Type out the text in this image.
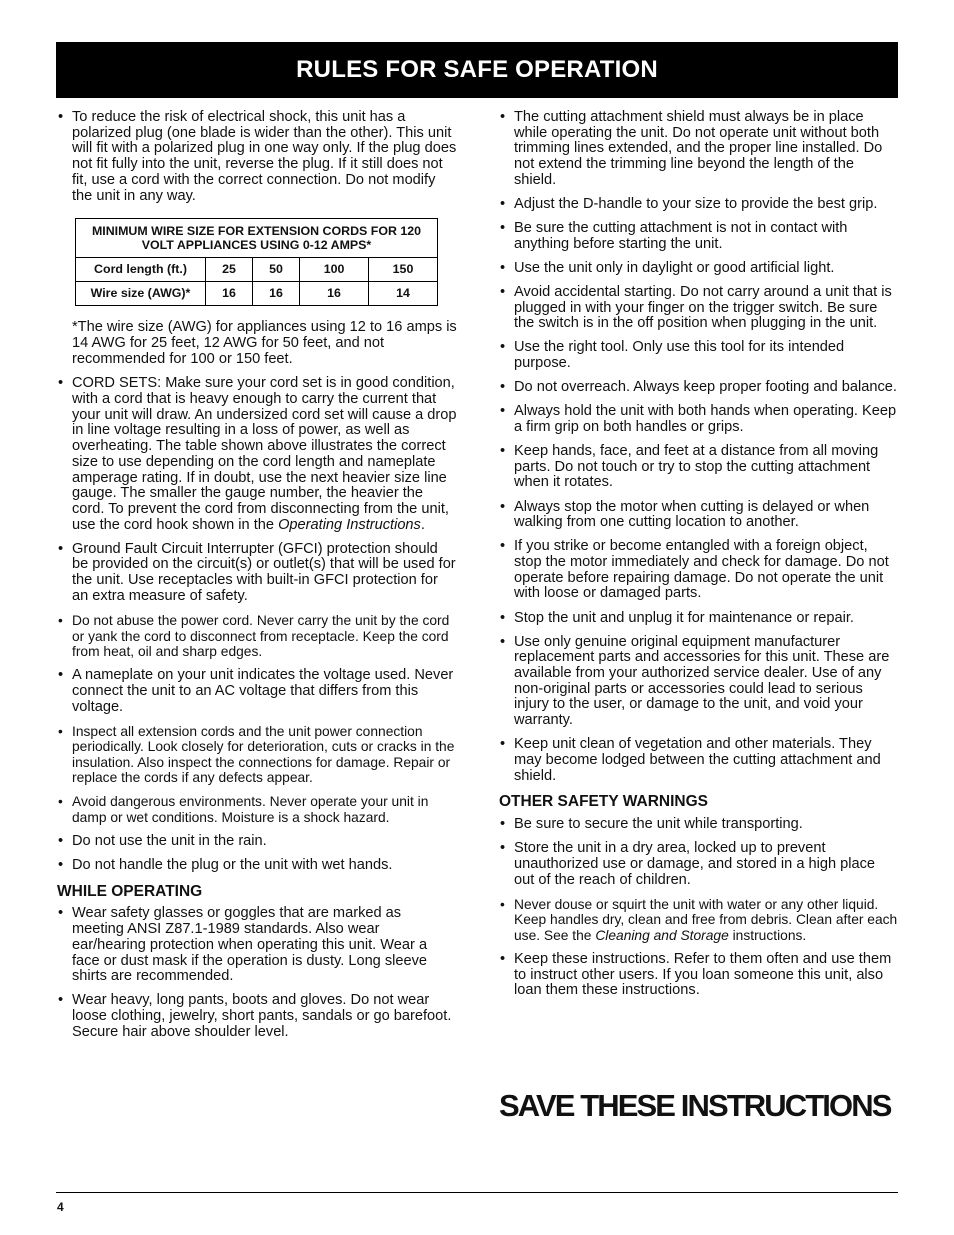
RULES FOR SAFE OPERATION
• To reduce the risk of electrical shock, this unit has a polarized plug (one blade is wider than the other). This unit will fit with a polarized plug in one way only. If the plug does not fit fully into the unit, reverse the plug. If it still does not fit, use a cord with the correct connection. Do not modify the unit in any way.
MINIMUM WIRE SIZE FOR EXTENSION CORDS FOR 120 VOLT APPLIANCES USING 0-12 AMPS*				
Cord length (ft.)	25	50	100	150
Wire size (AWG)*	16	16	16	14
*The wire size (AWG) for appliances using 12 to 16 amps is 14 AWG for 25 feet, 12 AWG for 50 feet, and not recommended for 100 or 150 feet.
• CORD SETS: Make sure your cord set is in good condition, with a cord that is heavy enough to carry the current that your unit will draw. An undersized cord set will cause a drop in line voltage resulting in a loss of power, as well as overheating. The table shown above illustrates the correct size to use depending on the cord length and nameplate amperage rating. If in doubt, use the next heavier size line gauge. The smaller the gauge number, the heavier the cord. To prevent the cord from disconnecting from the unit, use the cord hook shown in the Operating Instructions.
• Ground Fault Circuit Interrupter (GFCI) protection should be provided on the circuit(s) or outlet(s) that will be used for the unit. Use receptacles with built-in GFCI protection for an extra measure of safety.
• Do not abuse the power cord. Never carry the unit by the cord or yank the cord to disconnect from receptacle. Keep the cord from heat, oil and sharp edges.
• A nameplate on your unit indicates the voltage used. Never connect the unit to an AC voltage that differs from this voltage.
• Inspect all extension cords and the unit power connection periodically. Look closely for deterioration, cuts or cracks in the insulation. Also inspect the connections for damage. Repair or replace the cords if any defects appear.
• Avoid dangerous environments. Never operate your unit in damp or wet conditions. Moisture is a shock hazard.
• Do not use the unit in the rain.
• Do not handle the plug or the unit with wet hands.
WHILE OPERATING
• Wear safety glasses or goggles that are marked as meeting ANSI Z87.1-1989 standards. Also wear ear/hearing protection when operating this unit. Wear a face or dust mask if the operation is dusty. Long sleeve shirts are recommended.
• Wear heavy, long pants, boots and gloves. Do not wear loose clothing, jewelry, short pants, sandals or go barefoot. Secure hair above shoulder level.
• The cutting attachment shield must always be in place while operating the unit. Do not operate unit without both trimming lines extended, and the proper line installed. Do not extend the trimming line beyond the length of the shield.
• Adjust the D-handle to your size to provide the best grip.
• Be sure the cutting attachment is not in contact with anything before starting the unit.
• Use the unit only in daylight or good artificial light.
• Avoid accidental starting. Do not carry around a unit that is plugged in with your finger on the trigger switch. Be sure the switch is in the off position when plugging in the unit.
• Use the right tool. Only use this tool for its intended purpose.
• Do not overreach. Always keep proper footing and balance.
• Always hold the unit with both hands when operating. Keep a firm grip on both handles or grips.
• Keep hands, face, and feet at a distance from all moving parts. Do not touch or try to stop the cutting attachment when it rotates.
• Always stop the motor when cutting is delayed or when walking from one cutting location to another.
• If you strike or become entangled with a foreign object, stop the motor immediately and check for damage. Do not operate before repairing damage. Do not operate the unit with loose or damaged parts.
• Stop the unit and unplug it for maintenance or repair.
• Use only genuine original equipment manufacturer replacement parts and accessories for this unit. These are available from your authorized service dealer. Use of any non-original parts or accessories could lead to serious injury to the user, or damage to the unit, and void your warranty.
• Keep unit clean of vegetation and other materials. They may become lodged between the cutting attachment and shield.
OTHER SAFETY WARNINGS
• Be sure to secure the unit while transporting.
• Store the unit in a dry area, locked up to prevent unauthorized use or damage, and stored in a high place out of the reach of children.
• Never douse or squirt the unit with water or any other liquid. Keep handles dry, clean and free from debris. Clean after each use. See the Cleaning and Storage instructions.
• Keep these instructions. Refer to them often and use them to instruct other users. If you loan someone this unit, also loan them these instructions.
SAVE THESE INSTRUCTIONS
4
